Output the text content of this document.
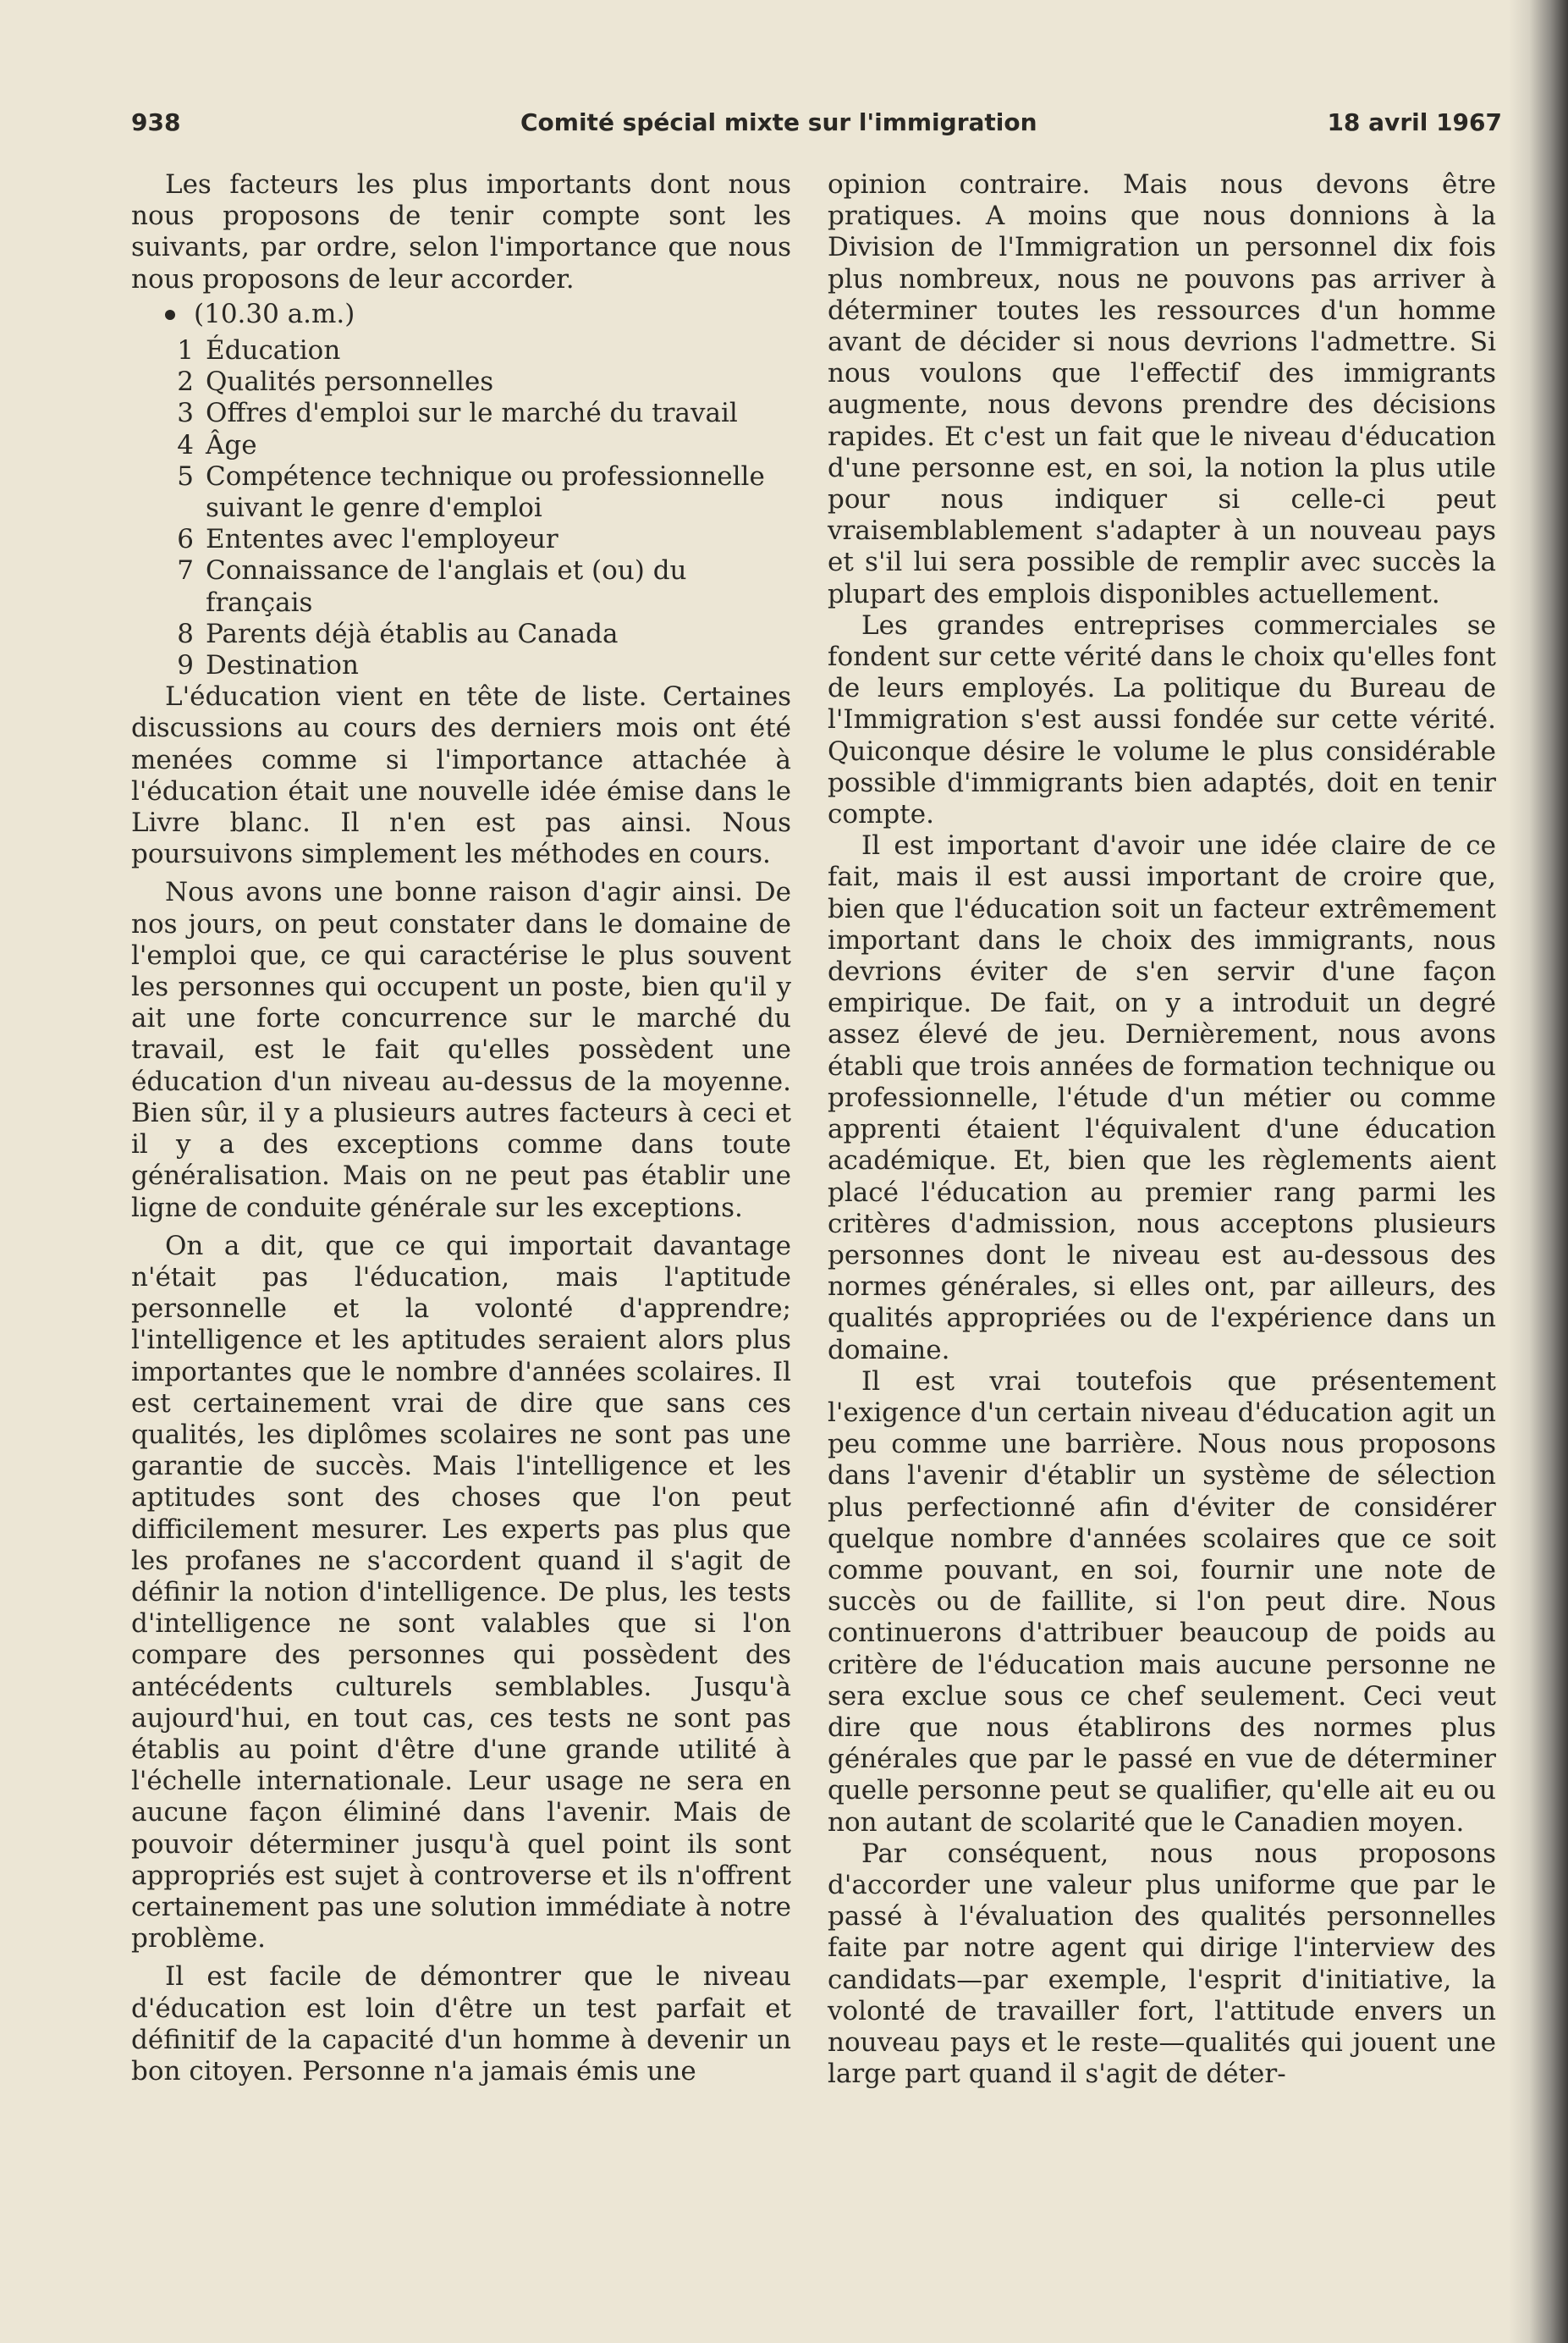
938	Comité spécial mixte sur l'immigration	18 avril 1967

Les facteurs les plus importants dont nous nous proposons de tenir compte sont les suivants, par ordre, selon l'importance que nous nous proposons de leur accorder.

(10.30 a.m.)
1 Éducation
2 Qualités personnelles
3 Offres d'emploi sur le marché du travail
4 Âge
5 Compétence technique ou professionnelle suivant le genre d'emploi
6 Ententes avec l'employeur
7 Connaissance de l'anglais et (ou) du français
8 Parents déjà établis au Canada
9 Destination

L'éducation vient en tête de liste. Certaines discussions au cours des derniers mois ont été menées comme si l'importance attachée à l'éducation était une nouvelle idée émise dans le Livre blanc. Il n'en est pas ainsi. Nous poursuivons simplement les méthodes en cours.

Nous avons une bonne raison d'agir ainsi. De nos jours, on peut constater dans le domaine de l'emploi que, ce qui caractérise le plus souvent les personnes qui occupent un poste, bien qu'il y ait une forte concurrence sur le marché du travail, est le fait qu'elles possèdent une éducation d'un niveau au-dessus de la moyenne. Bien sûr, il y a plusieurs autres facteurs à ceci et il y a des exceptions comme dans toute généralisation. Mais on ne peut pas établir une ligne de conduite générale sur les exceptions.

On a dit, que ce qui importait davantage n'était pas l'éducation, mais l'aptitude personnelle et la volonté d'apprendre; l'intelligence et les aptitudes seraient alors plus importantes que le nombre d'années scolaires. Il est certainement vrai de dire que sans ces qualités, les diplômes scolaires ne sont pas une garantie de succès. Mais l'intelligence et les aptitudes sont des choses que l'on peut difficilement mesurer. Les experts pas plus que les profanes ne s'accordent quand il s'agit de définir la notion d'intelligence. De plus, les tests d'intelligence ne sont valables que si l'on compare des personnes qui possèdent des antécédents culturels semblables. Jusqu'à aujourd'hui, en tout cas, ces tests ne sont pas établis au point d'être d'une grande utilité à l'échelle internationale. Leur usage ne sera en aucune façon éliminé dans l'avenir. Mais de pouvoir déterminer jusqu'à quel point ils sont appropriés est sujet à controverse et ils n'offrent certainement pas une solution immédiate à notre problème.

Il est facile de démontrer que le niveau d'éducation est loin d'être un test parfait et définitif de la capacité d'un homme à devenir un bon citoyen. Personne n'a jamais émis une

opinion contraire. Mais nous devons être pratiques. A moins que nous donnions à la Division de l'Immigration un personnel dix fois plus nombreux, nous ne pouvons pas arriver à déterminer toutes les ressources d'un homme avant de décider si nous devrions l'admettre. Si nous voulons que l'effectif des immigrants augmente, nous devons prendre des décisions rapides. Et c'est un fait que le niveau d'éducation d'une personne est, en soi, la notion la plus utile pour nous indiquer si celle-ci peut vraisemblablement s'adapter à un nouveau pays et s'il lui sera possible de remplir avec succès la plupart des emplois disponibles actuellement.

Les grandes entreprises commerciales se fondent sur cette vérité dans le choix qu'elles font de leurs employés. La politique du Bureau de l'Immigration s'est aussi fondée sur cette vérité. Quiconque désire le volume le plus considérable possible d'immigrants bien adaptés, doit en tenir compte.

Il est important d'avoir une idée claire de ce fait, mais il est aussi important de croire que, bien que l'éducation soit un facteur extrêmement important dans le choix des immigrants, nous devrions éviter de s'en servir d'une façon empirique. De fait, on y a introduit un degré assez élevé de jeu. Dernièrement, nous avons établi que trois années de formation technique ou professionnelle, l'étude d'un métier ou comme apprenti étaient l'équivalent d'une éducation académique. Et, bien que les règlements aient placé l'éducation au premier rang parmi les critères d'admission, nous acceptons plusieurs personnes dont le niveau est au-dessous des normes générales, si elles ont, par ailleurs, des qualités appropriées ou de l'expérience dans un domaine.

Il est vrai toutefois que présentement l'exigence d'un certain niveau d'éducation agit un peu comme une barrière. Nous nous proposons dans l'avenir d'établir un système de sélection plus perfectionné afin d'éviter de considérer quelque nombre d'années scolaires que ce soit comme pouvant, en soi, fournir une note de succès ou de faillite, si l'on peut dire. Nous continuerons d'attribuer beaucoup de poids au critère de l'éducation mais aucune personne ne sera exclue sous ce chef seulement. Ceci veut dire que nous établirons des normes plus générales que par le passé en vue de déterminer quelle personne peut se qualifier, qu'elle ait eu ou non autant de scolarité que le Canadien moyen.

Par conséquent, nous nous proposons d'accorder une valeur plus uniforme que par le passé à l'évaluation des qualités personnelles faite par notre agent qui dirige l'interview des candidats—par exemple, l'esprit d'initiative, la volonté de travailler fort, l'attitude envers un nouveau pays et le reste—qualités qui jouent une large part quand il s'agit de déter-
